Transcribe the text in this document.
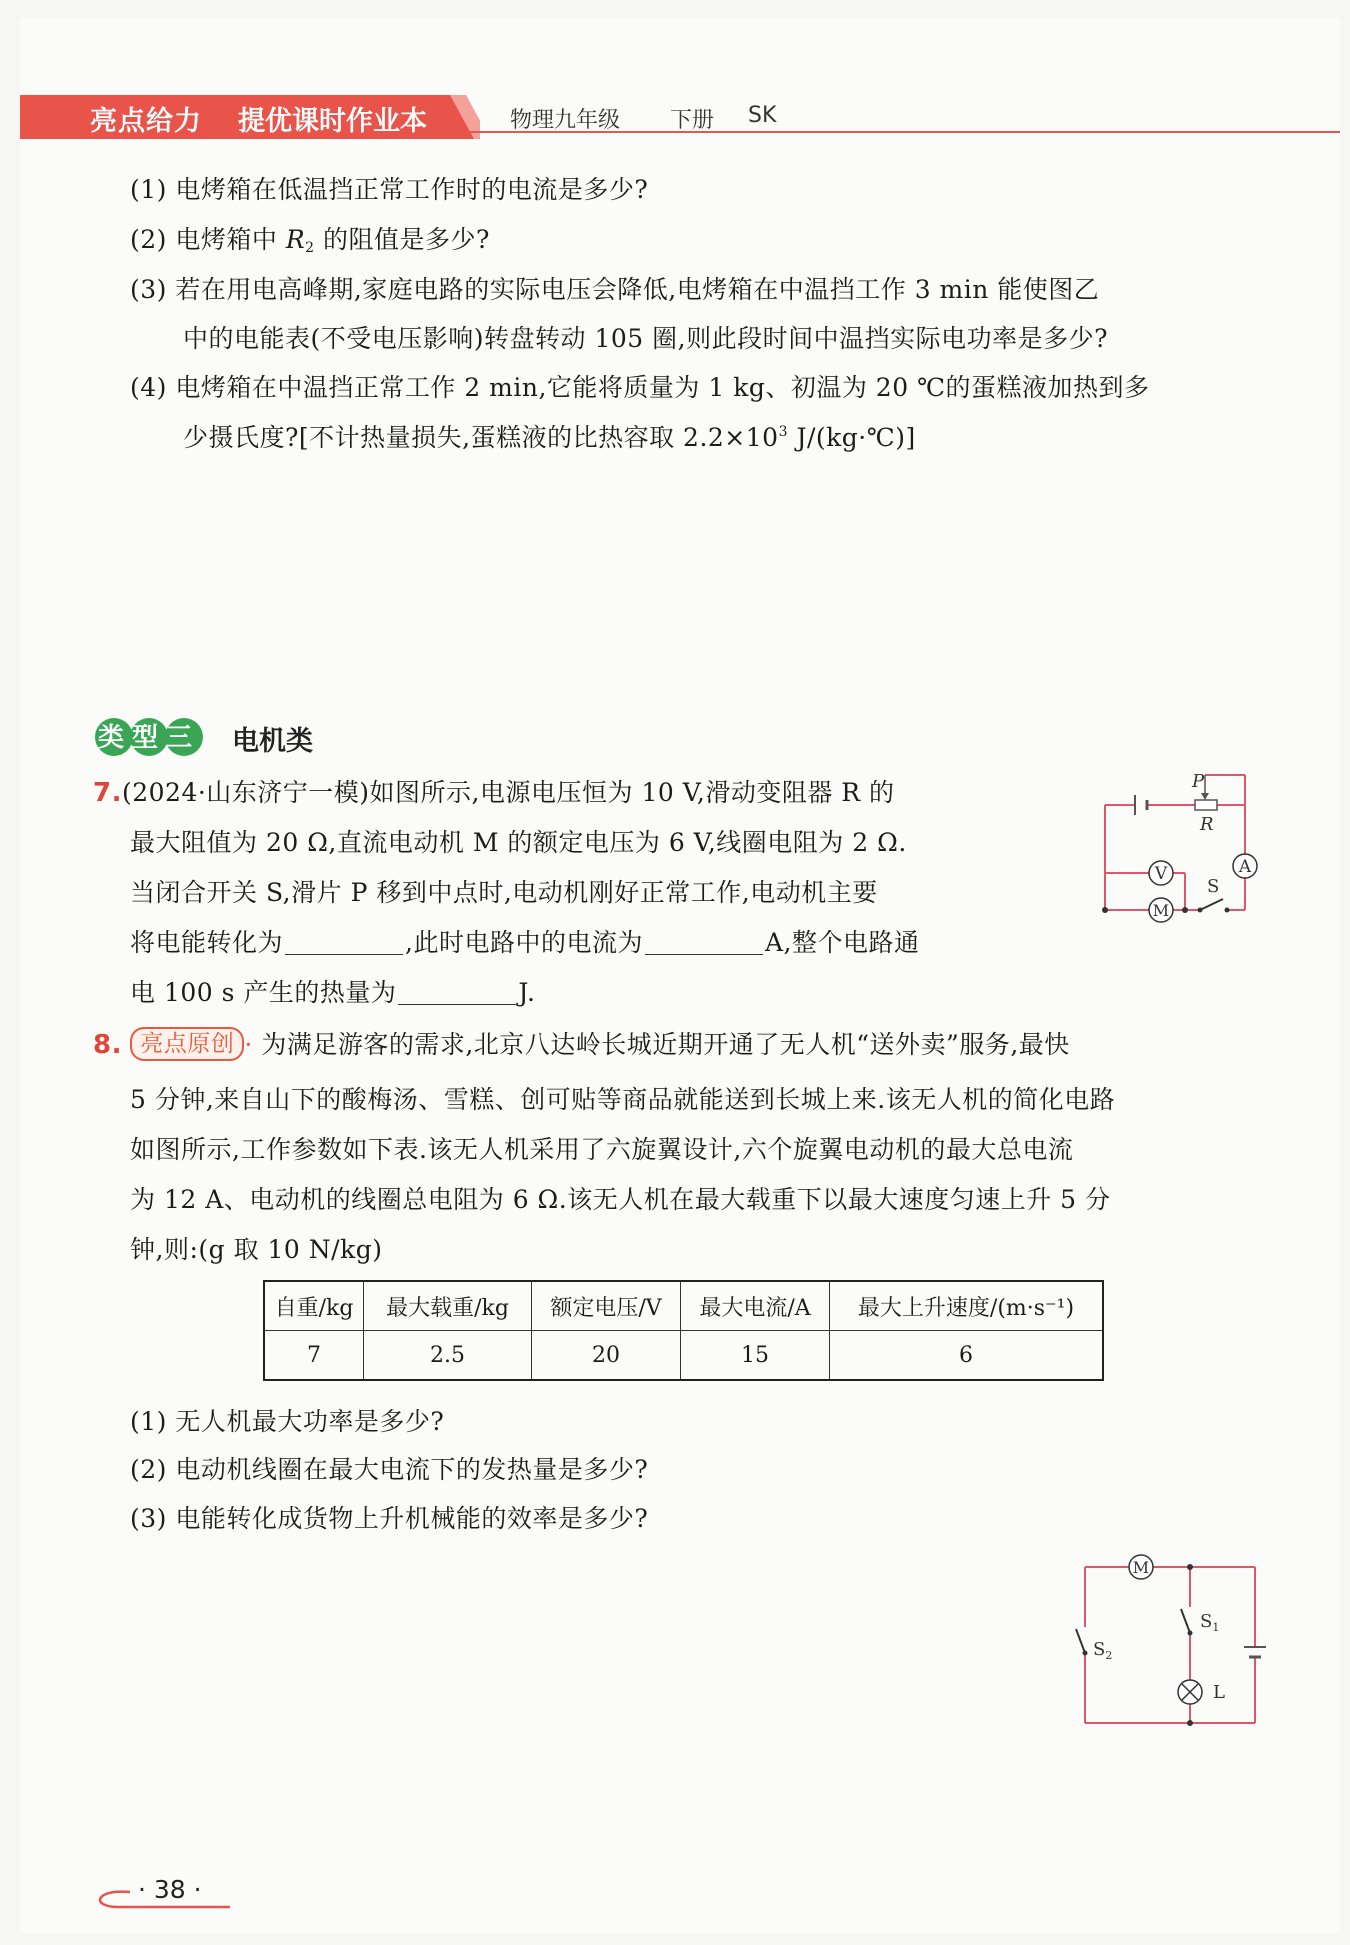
亮点给力 提优课时作业本	物理九年级 下册 SK
(1) 电烤箱在低温挡正常工作时的电流是多少?
(2) 电烤箱中 $R_2$ 的阻值是多少?
(3) 若在用电高峰期,家庭电路的实际电压会降低,电烤箱在中温挡工作 3 min 能使图乙
中的电能表(不受电压影响)转盘转动 105 圈,则此段时间中温挡实际电功率是多少?
(4) 电烤箱在中温挡正常工作 2 min,它能将质量为 1 kg、初温为 20 ℃的蛋糕液加热到多
少摄氏度?[不计热量损失,蛋糕液的比热容取 $2.2\times 10^3$ J/(kg·℃)]
类型三 电机类
7.(2024·山东济宁一模)如图所示,电源电压恒为 10 V,滑动变阻器 R 的
最大阻值为 20 Ω,直流电动机 M 的额定电压为 6 V,线圈电阻为 2 Ω.
当闭合开关 S,滑片 P 移到中点时,电动机刚好正常工作,电动机主要
将电能转化为	,此时电路中的电流为	A,整个电路通
电 100 s 产生的热量为	J.
P
R
A
V
M
S
8. 亮点原创 · 为满足游客的需求,北京八达岭长城近期开通了无人机“送外卖”服务,最快
5 分钟,来自山下的酸梅汤、雪糕、创可贴等商品就能送到长城上来.该无人机的简化电路
如图所示,工作参数如下表.该无人机采用了六旋翼设计,六个旋翼电动机的最大总电流
为 12 A、电动机的线圈总电阻为 6 Ω.该无人机在最大载重下以最大速度匀速上升 5 分
钟,则:(g 取 10 N/kg)
自重/kg	最大载重/kg	额定电压/V	最大电流/A	最大上升速度/(m·s⁻¹)
7	2.5	20	15	6
(1) 无人机最大功率是多少?
(2) 电动机线圈在最大电流下的发热量是多少?
(3) 电能转化成货物上升机械能的效率是多少?
M
$S_2$
$S_1$
L
· 38 ·
